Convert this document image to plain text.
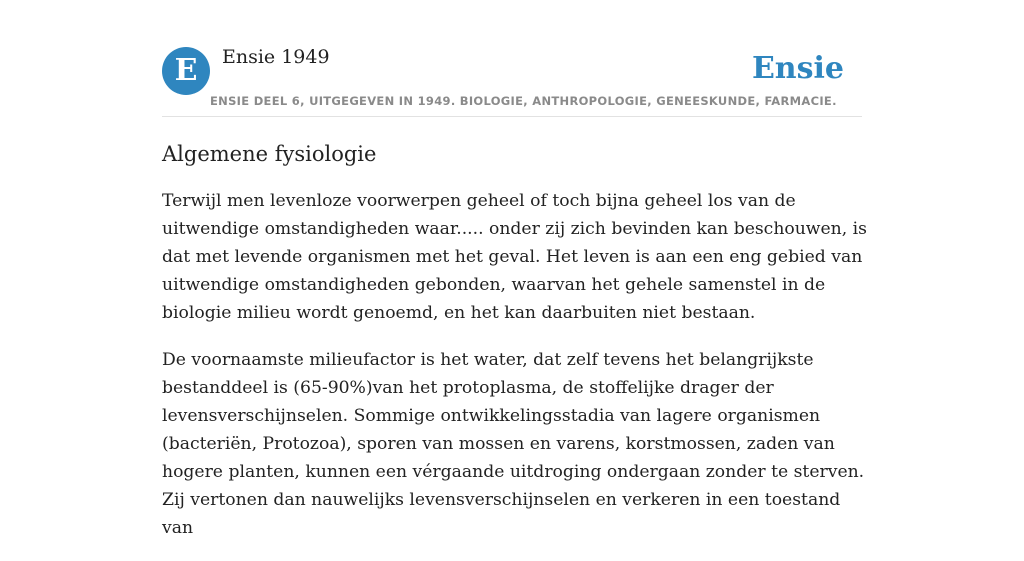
E	Ensie 1949	Ensie
ENSIE DEEL 6, UITGEGEVEN IN 1949. BIOLOGIE, ANTHROPOLOGIE, GENEESKUNDE, FARMACIE.
Algemene fysiologie

Terwijl men levenloze voorwerpen geheel of toch bijna geheel los van de uitwendige omstandigheden waar..... onder zij zich bevinden kan beschouwen, is dat met levende organismen met het geval. Het leven is aan een eng gebied van uitwendige omstandigheden gebonden, waarvan het gehele samenstel in de biologie milieu wordt genoemd, en het kan daarbuiten niet bestaan.

De voornaamste milieufactor is het water, dat zelf tevens het belangrijkste bestanddeel is (65-90%)van het protoplasma, de stoffelijke drager der levensverschijnselen. Sommige ontwikkelingsstadia van lagere organismen (bacteriën, Protozoa), sporen van mossen en varens, korstmossen, zaden van hogere planten, kunnen een vérgaande uitdroging ondergaan zonder te sterven. Zij vertonen dan nauwelijks levensverschijnselen en verkeren in een toestand van
